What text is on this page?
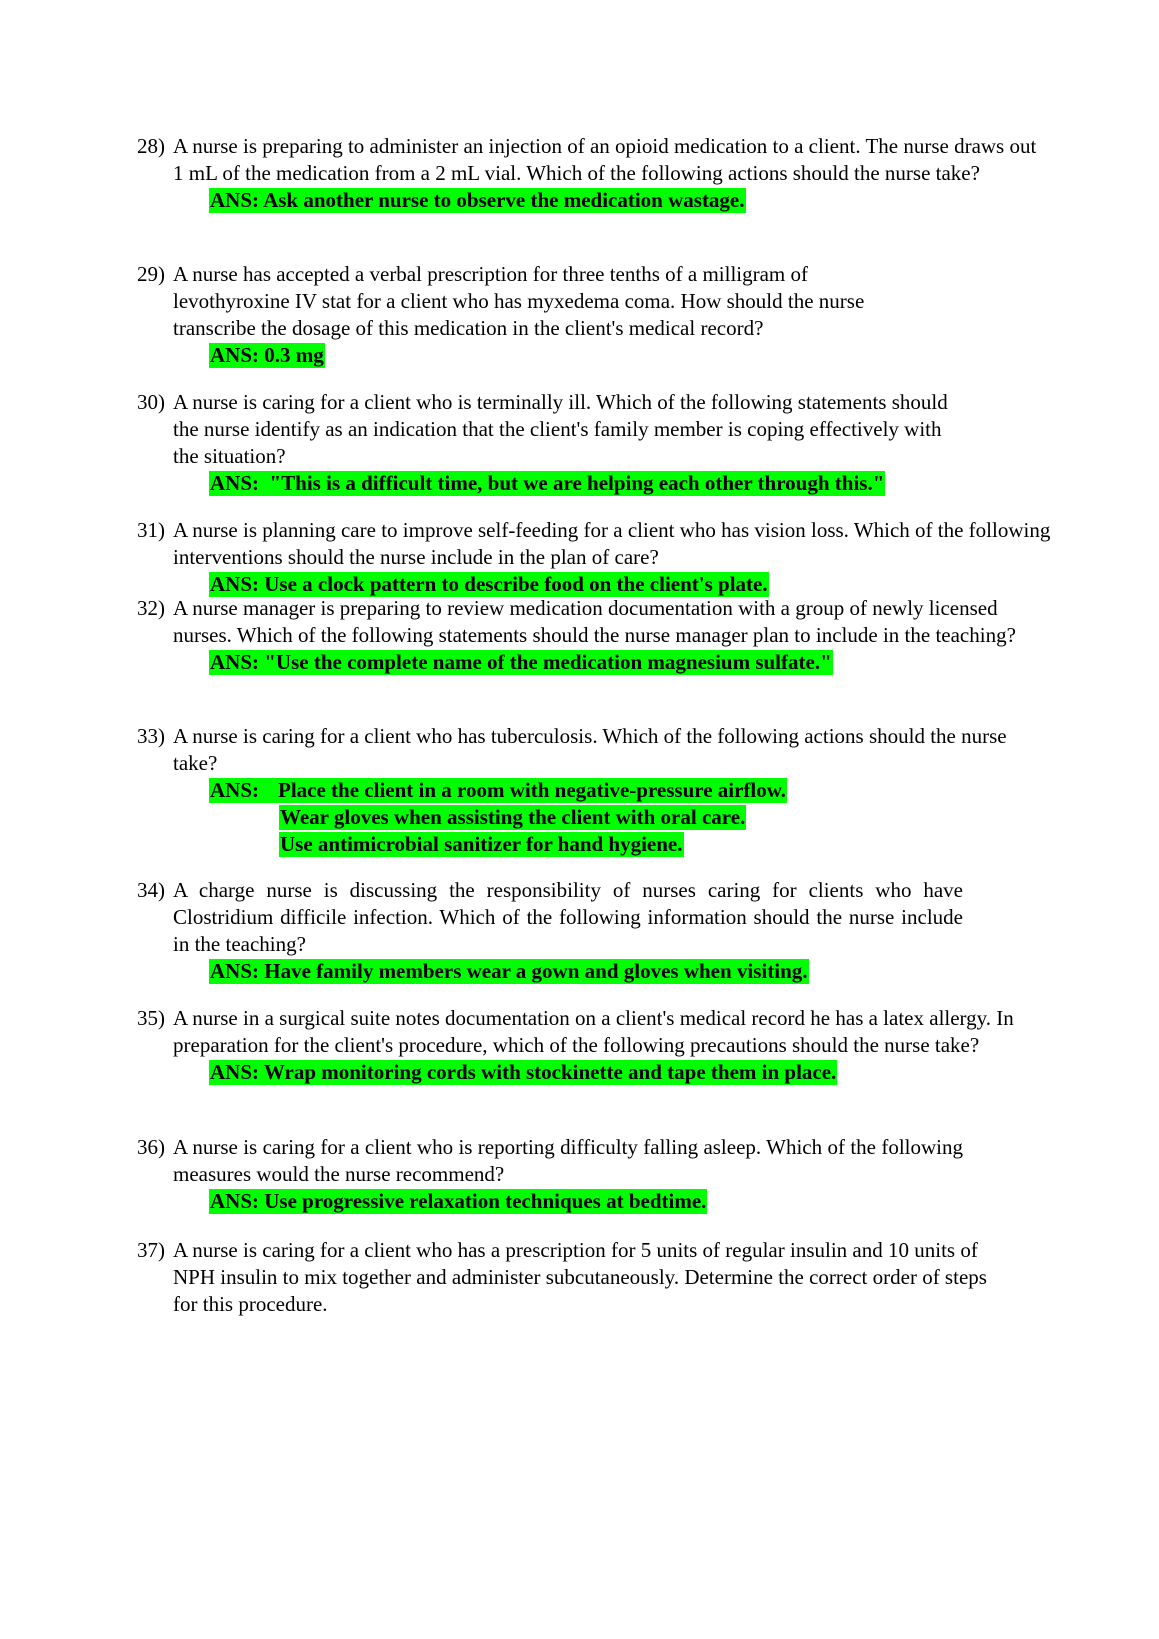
28) A nurse is preparing to administer an injection of an opioid medication to a client. The nurse draws out 1 mL of the medication from a 2 mL vial. Which of the following actions should the nurse take?
ANS: Ask another nurse to observe the medication wastage.
29) A nurse has accepted a verbal prescription for three tenths of a milligram of levothyroxine IV stat for a client who has myxedema coma. How should the nurse transcribe the dosage of this medication in the client's medical record?
ANS: 0.3 mg
30) A nurse is caring for a client who is terminally ill. Which of the following statements should the nurse identify as an indication that the client's family member is coping effectively with the situation?
ANS:  "This is a difficult time, but we are helping each other through this."
31) A nurse is planning care to improve self-feeding for a client who has vision loss. Which of the following interventions should the nurse include in the plan of care?
ANS: Use a clock pattern to describe food on the client's plate.
32) A nurse manager is preparing to review medication documentation with a group of newly licensed nurses. Which of the following statements should the nurse manager plan to include in the teaching?
ANS: "Use the complete name of the medication magnesium sulfate."
33) A nurse is caring for a client who has tuberculosis. Which of the following actions should the nurse take?
ANS: Place the client in a room with negative-pressure airflow.
Wear gloves when assisting the client with oral care.
Use antimicrobial sanitizer for hand hygiene.
34) A charge nurse is discussing the responsibility of nurses caring for clients who have Clostridium difficile infection. Which of the following information should the nurse include in the teaching?
ANS: Have family members wear a gown and gloves when visiting.
35) A nurse in a surgical suite notes documentation on a client's medical record he has a latex allergy. In preparation for the client's procedure, which of the following precautions should the nurse take?
ANS: Wrap monitoring cords with stockinette and tape them in place.
36) A nurse is caring for a client who is reporting difficulty falling asleep. Which of the following measures would the nurse recommend?
ANS: Use progressive relaxation techniques at bedtime.
37) A nurse is caring for a client who has a prescription for 5 units of regular insulin and 10 units of NPH insulin to mix together and administer subcutaneously. Determine the correct order of steps for this procedure.
